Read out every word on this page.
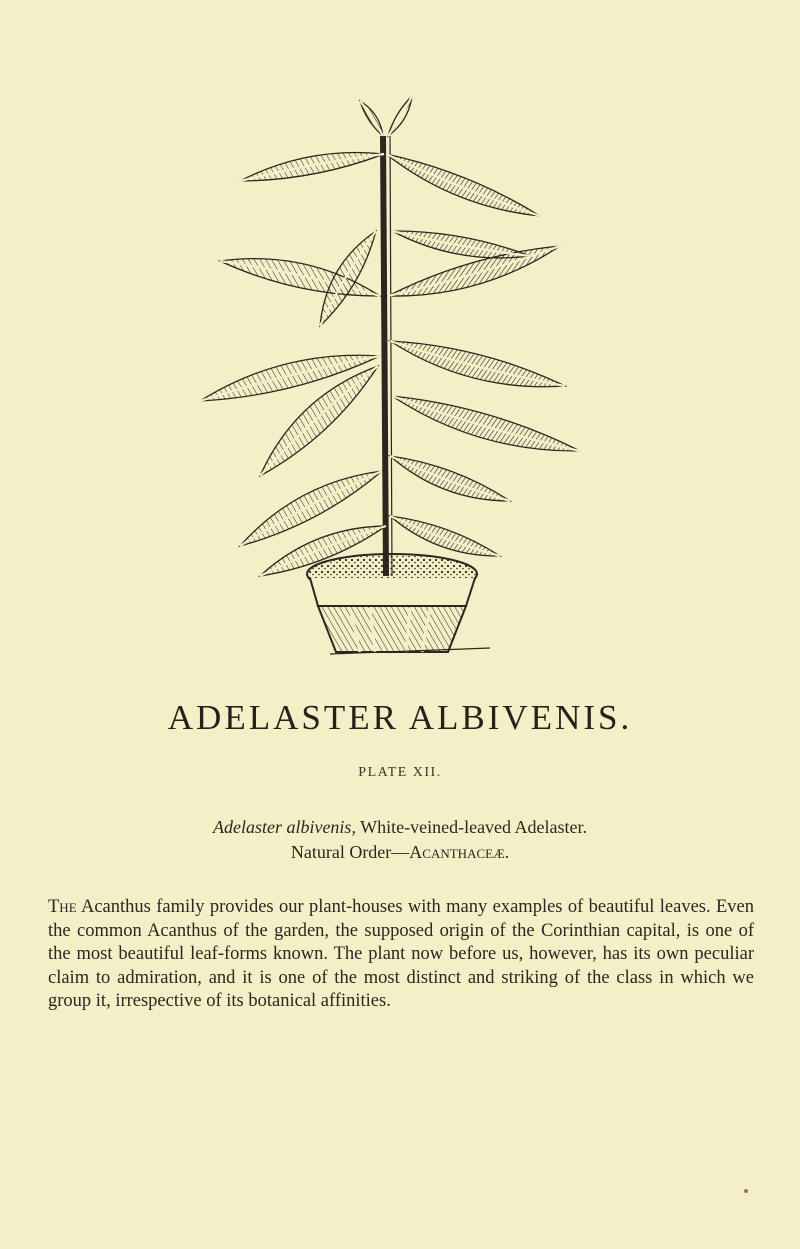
ADELASTER ALBIVENIS.
PLATE XII.
Adelaster albivenis, White-veined-leaved Adelaster.
Natural Order—Acanthaceæ.

The Acanthus family provides our plant-houses with many examples of beautiful leaves. Even the common Acanthus of the garden, the supposed origin of the Corinthian capital, is one of the most beautiful leaf-forms known. The plant now before us, however, has its own peculiar claim to admiration, and it is one of the most distinct and striking of the class in which we group it, irrespective of its botanical affinities.
